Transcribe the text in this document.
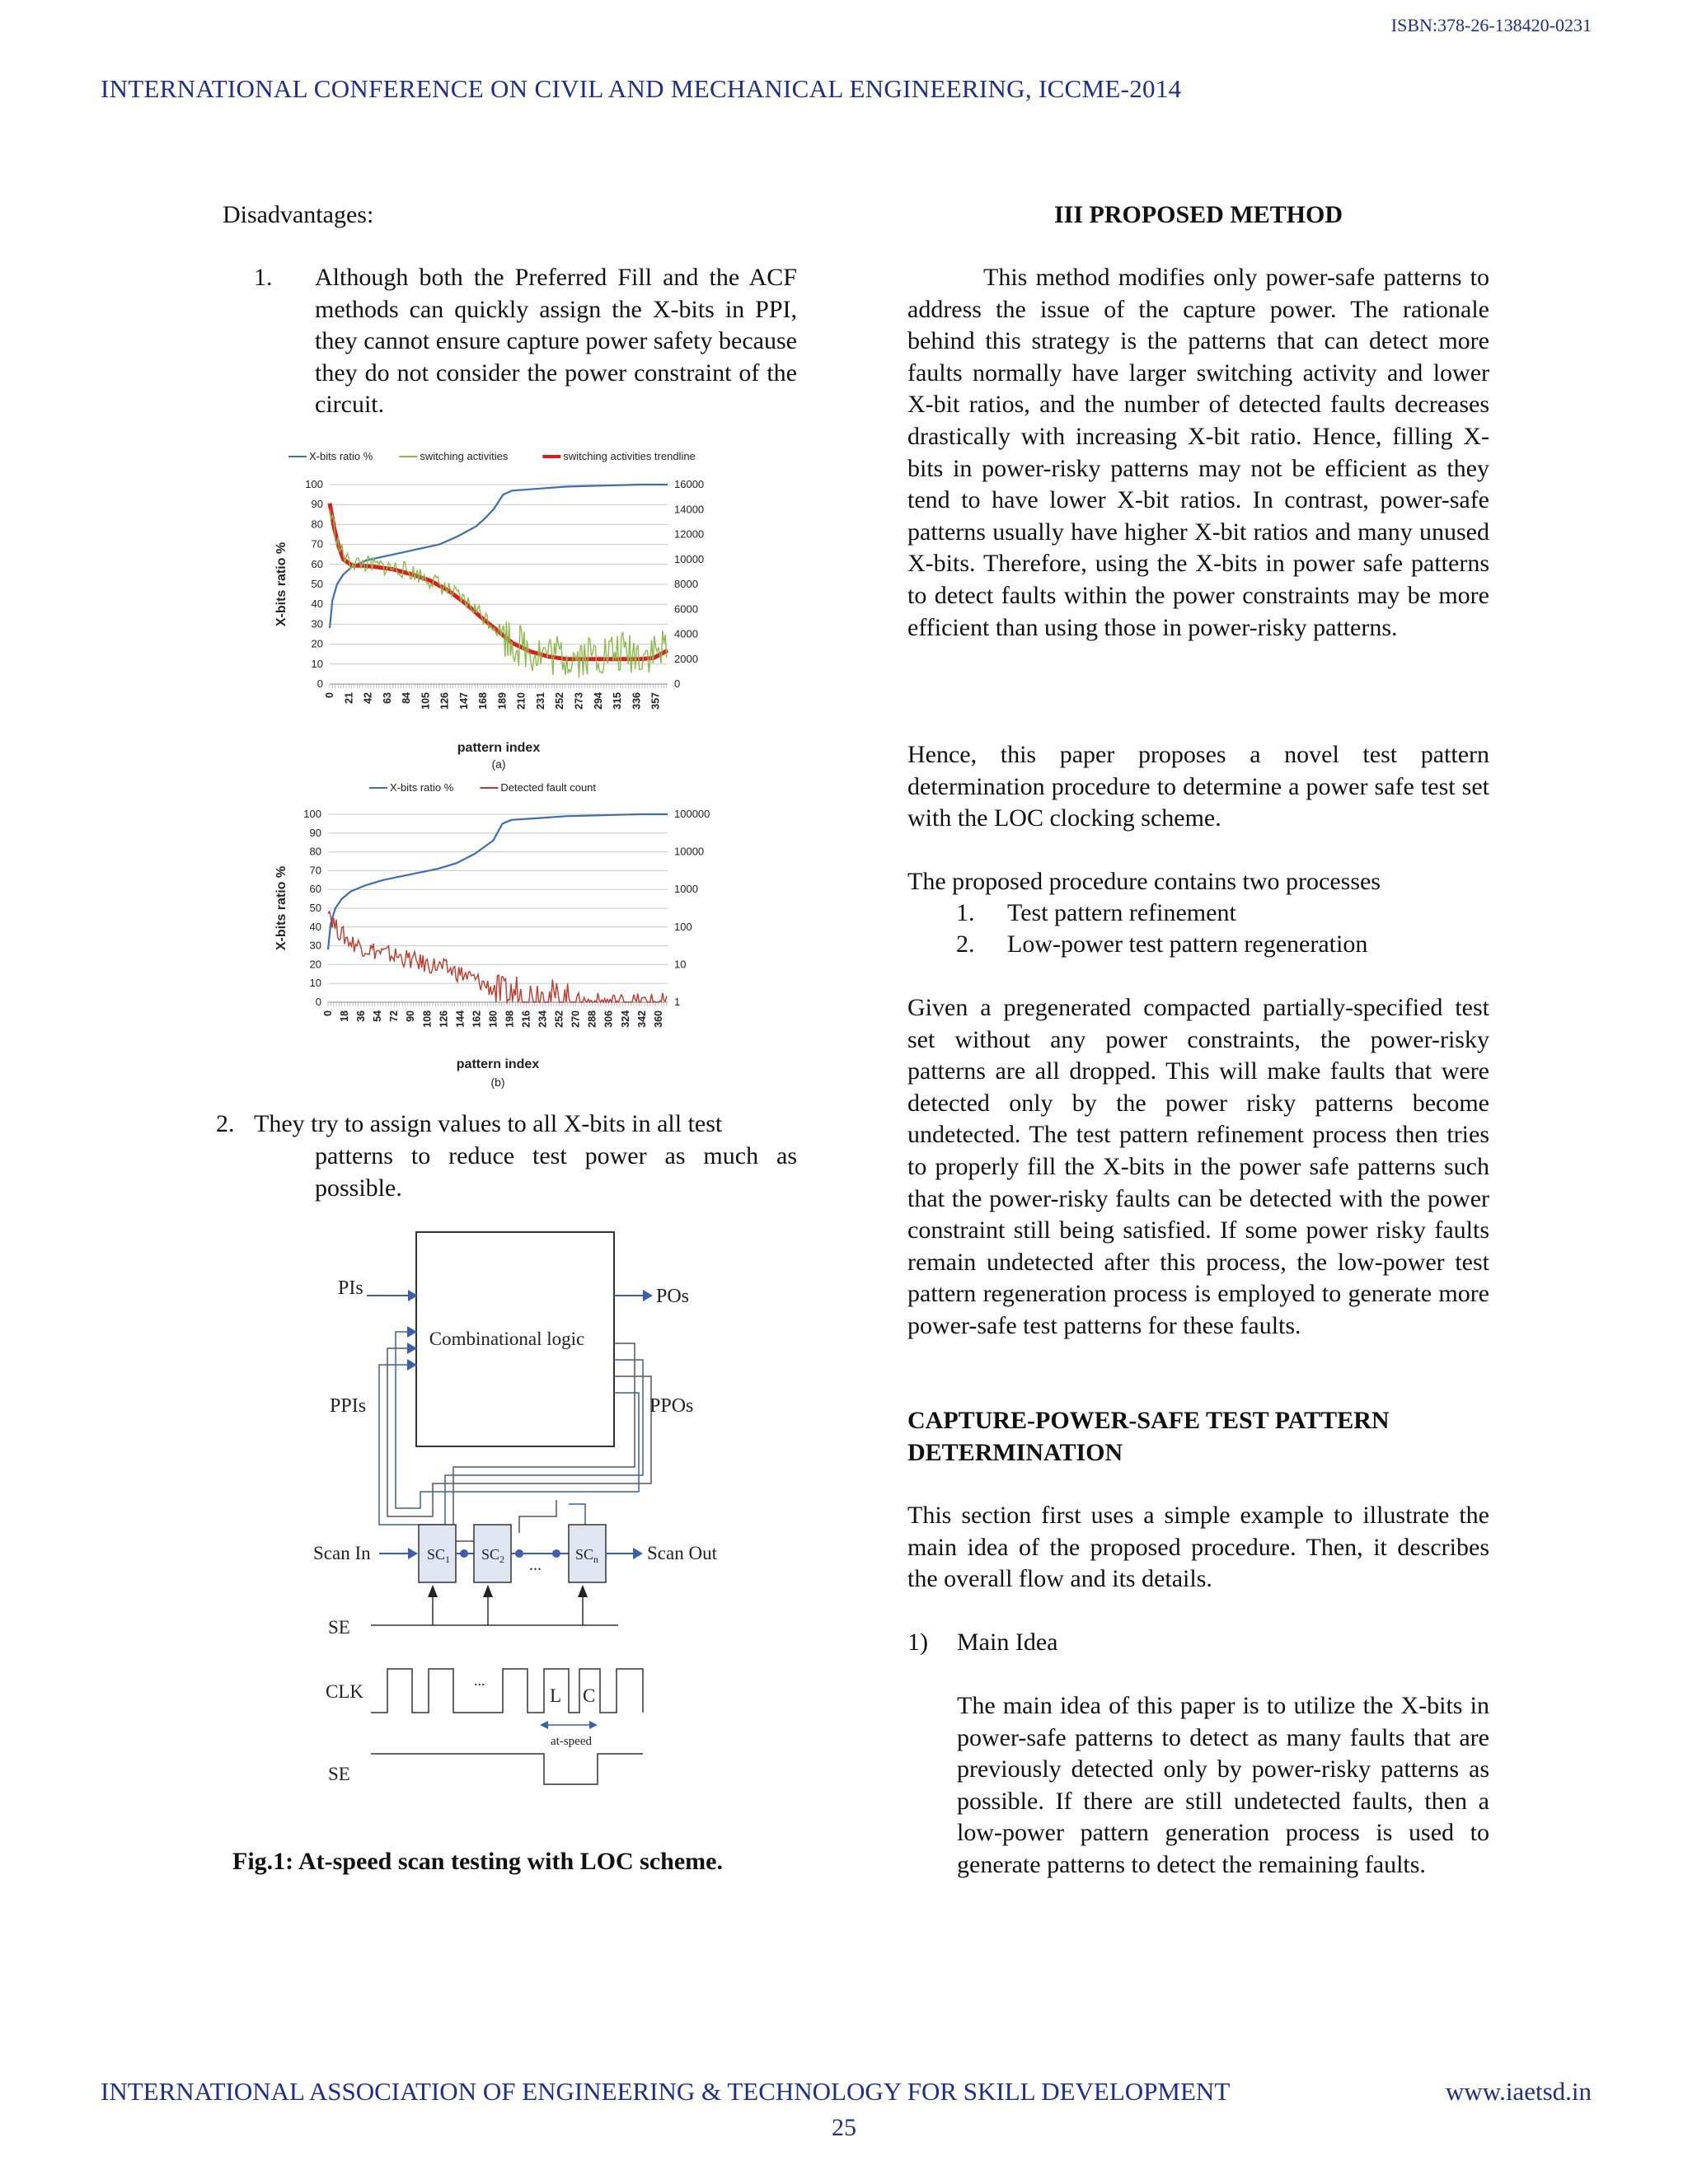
ISBN:378-26-138420-0231
INTERNATIONAL CONFERENCE ON CIVIL AND MECHANICAL ENGINEERING, ICCME-2014
Disadvantages:
1. Although both the Preferred Fill and the ACF methods can quickly assign the X-bits in PPI, they cannot ensure capture power safety because they do not consider the power constraint of the circuit.
X-bits ratio %	switching activities	switching activities trendline
0
10
20
30
40
50
60
70
80
90
100
0
2000
4000
6000
8000
10000
12000
14000
16000
0 21 42 63 84 105 126 147 168 189 210 231 252 273 294 315 336 357
pattern index
X-bits ratio %
(a)
X-bits ratio %	Detected fault count
0
10
20
30
40
50
60
70
80
90
100
1
10
100
1000
10000
100000
0 18 36 54 72 90 108 126 144 162 180 198 216 234 252 270 288 306 324 342 360
pattern index
X-bits ratio %
(b)
2. They try to assign values to all X-bits in all test
patterns to reduce test power as much as possible.
Combinational logic
PIs
PPIs
POs
PPOs
Scan In	$SC_1$ $SC_2$ ...
$SC_n$	Scan Out
SE
CLK
...
L C
at-speed
SE
Fig.1: At-speed scan testing with LOC scheme.
III PROPOSED METHOD
This method modifies only power-safe patterns to address the issue of the capture power. The rationale behind this strategy is the patterns that can detect more faults normally have larger switching activity and lower X-bit ratios, and the number of detected faults decreases drastically with increasing X-bit ratio. Hence, filling X-bits in power-risky patterns may not be efficient as they tend to have lower X-bit ratios. In contrast, power-safe patterns usually have higher X-bit ratios and many unused X-bits. Therefore, using the X-bits in power safe patterns to detect faults within the power constraints may be more efficient than using those in power-risky patterns.
Hence, this paper proposes a novel test pattern determination procedure to determine a power safe test set with the LOC clocking scheme.
The proposed procedure contains two processes
1. Test pattern refinement
2. Low-power test pattern regeneration
Given a pregenerated compacted partially-specified test set without any power constraints, the power-risky patterns are all dropped. This will make faults that were detected only by the power risky patterns become undetected. The test pattern refinement process then tries to properly fill the X-bits in the power safe patterns such that the power-risky faults can be detected with the power constraint still being satisfied. If some power risky faults remain undetected after this process, the low-power test pattern regeneration process is employed to generate more power-safe test patterns for these faults.
CAPTURE-POWER-SAFE TEST PATTERN DETERMINATION
This section first uses a simple example to illustrate the main idea of the proposed procedure. Then, it describes the overall flow and its details.
1) Main Idea
The main idea of this paper is to utilize the X-bits in power-safe patterns to detect as many faults that are previously detected only by power-risky patterns as possible. If there are still undetected faults, then a low-power pattern generation process is used to generate patterns to detect the remaining faults.
INTERNATIONAL ASSOCIATION OF ENGINEERING & TECHNOLOGY FOR SKILL DEVELOPMENT	www.iaetsd.in
25
